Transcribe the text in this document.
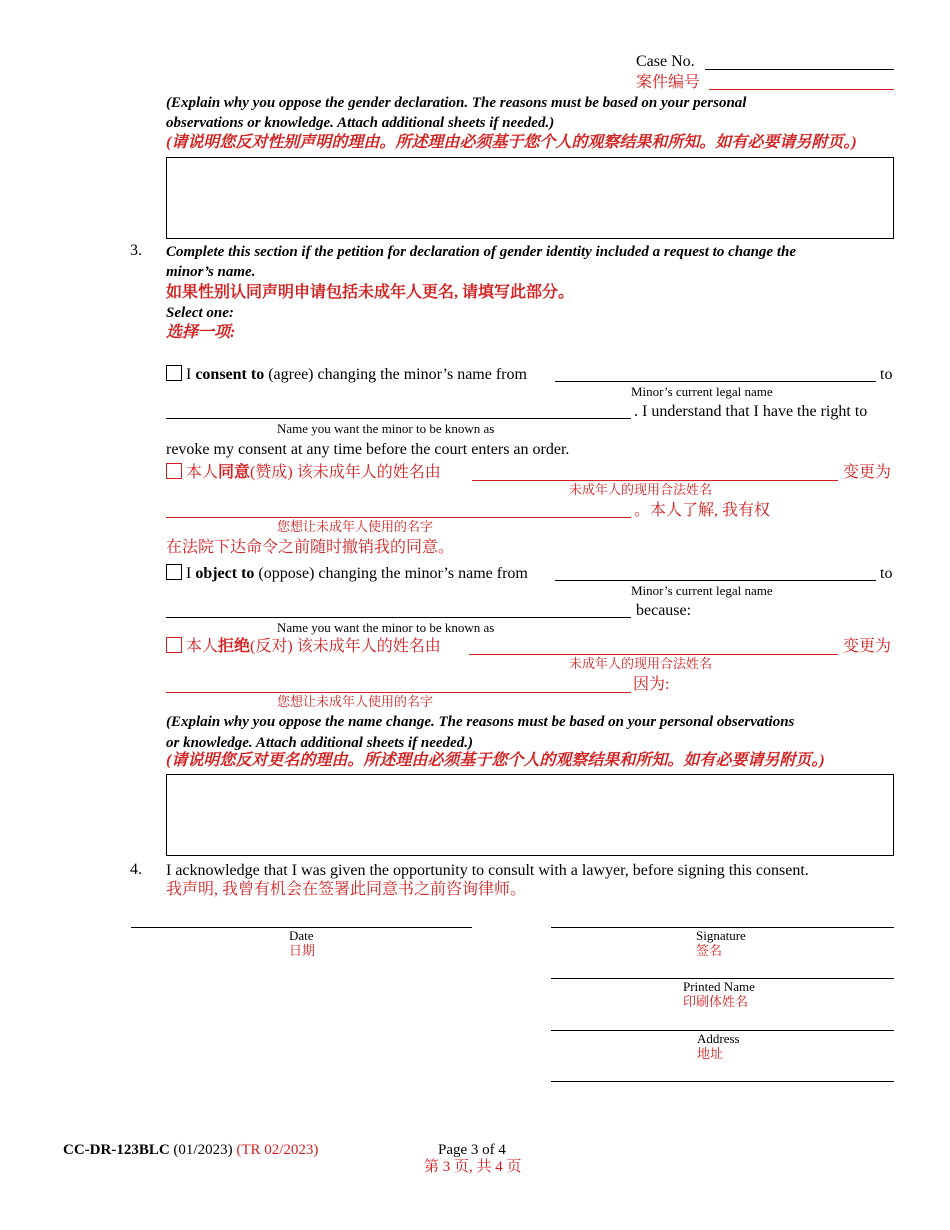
Case No.
案件编号
(Explain why you oppose the gender declaration. The reasons must be based on your personal
observations or knowledge. Attach additional sheets if needed.)
(请说明您反对性别声明的理由。所述理由必须基于您个人的观察结果和所知。如有必要请另附页。)
3. Complete this section if the petition for declaration of gender identity included a request to change the
minor’s name.
如果性别认同声明申请包括未成年人更名, 请填写此部分。
Select one:
选择一项:
I consent to (agree) changing the minor’s name from	to
Minor’s current legal name
. I understand that I have the right to
Name you want the minor to be known as
revoke my consent at any time before the court enters an order.
本人同意(赞成) 该未成年人的姓名由	变更为
未成年人的现用合法姓名
。本人了解, 我有权
您想让未成年人使用的名字
在法院下达命令之前随时撤销我的同意。
I object to (oppose) changing the minor’s name from	to
Minor’s current legal name
because:
Name you want the minor to be known as
本人拒绝(反对) 该未成年人的姓名由	变更为
未成年人的现用合法姓名
因为:
您想让未成年人使用的名字
(Explain why you oppose the name change. The reasons must be based on your personal observations
or knowledge. Attach additional sheets if needed.)
(请说明您反对更名的理由。所述理由必须基于您个人的观察结果和所知。如有必要请另附页。)
4. I acknowledge that I was given the opportunity to consult with a lawyer, before signing this consent.
我声明, 我曾有机会在签署此同意书之前咨询律师。
Date
日期
Signature
签名
Printed Name
印刷体姓名
Address
地址
CC-DR-123BLC (01/2023) (TR 02/2023)	Page 3 of 4
第 3 页, 共 4 页
